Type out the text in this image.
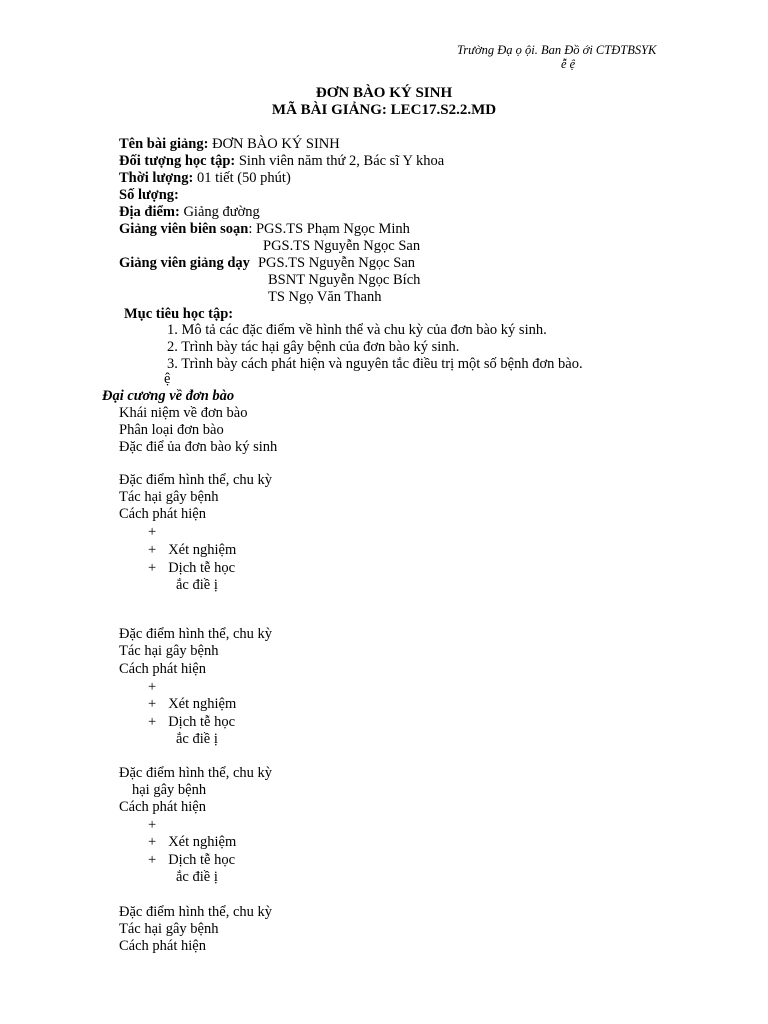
Trường Đạ ọ ội. Ban Đồ ới CTĐTBSYK
ễ ệ
ĐƠN BÀO KÝ SINH
MÃ BÀI GIẢNG: LEC17.S2.2.MD
Tên bài giảng: ĐƠN BÀO KÝ SINH
Đối tượng học tập: Sinh viên năm thứ 2, Bác sĩ Y khoa
Thời lượng: 01 tiết (50 phút)
Số lượng:
Địa điểm: Giảng đường
Giảng viên biên soạn: PGS.TS Phạm Ngọc Minh
PGS.TS Nguyễn Ngọc San
Giảng viên giảng dạy PGS.TS Nguyễn Ngọc San
BSNT Nguyễn Ngọc Bích
TS Ngọ Văn Thanh
Mục tiêu học tập:
1. Mô tả các đặc điểm về hình thể và chu kỳ của đơn bào ký sinh.
2. Trình bày tác hại gây bệnh của đơn bào ký sinh.
3. Trình bày cách phát hiện và nguyên tắc điều trị một số bệnh đơn bào.
ệ
Đại cương về đơn bào
Khái niệm về đơn bào
Phân loại đơn bào
Đặc điể ủa đơn bào ký sinh
Đặc điểm hình thể, chu kỳ
Tác hại gây bệnh
Cách phát hiện
+
+ Xét nghiệm
+ Dịch tễ học
ắc điề ị
Đặc điểm hình thể, chu kỳ
Tác hại gây bệnh
Cách phát hiện
+
+ Xét nghiệm
+ Dịch tễ học
ắc điề ị
Đặc điểm hình thể, chu kỳ
hại gây bệnh
Cách phát hiện
+
+ Xét nghiệm
+ Dịch tễ học
ắc điề ị
Đặc điểm hình thể, chu kỳ
Tác hại gây bệnh
Cách phát hiện
